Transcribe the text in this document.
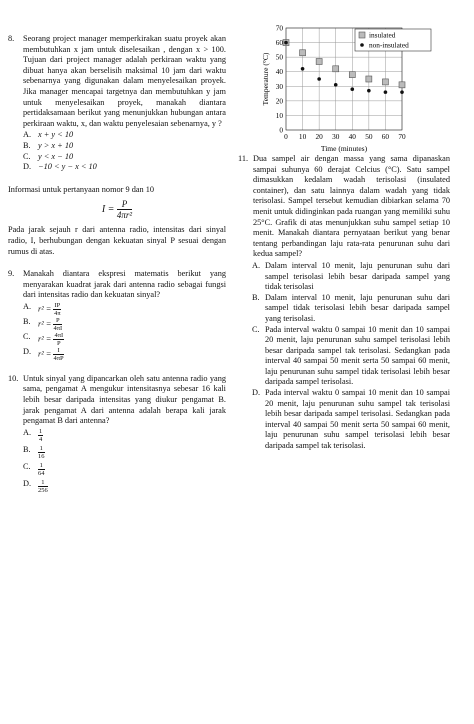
8. Seorang project manager memperkirakan suatu proyek akan membutuhkan x jam untuk diselesaikan , dengan x > 100. Tujuan dari project manager adalah perkiraan waktu yang dibuat hanya akan berselisih maksimal 10 jam dari waktu sebenarnya yang digunakan dalam menyelesaikan proyek. Jika manager mencapai targetnya dan membutuhkan y jam untuk menyelesaikan proyek, manakah diantara pertidaksamaan berikut yang menunjukkan hubungan antara perkiraan waktu, x, dan waktu penyelesaian sebenarnya, y ?
A. x + y < 10
B. y > x + 10
C. y < x − 10
D. −10 < y − x < 10
Informasi untuk pertanyaan nomor 9 dan 10
$I = \frac{P}{\text{4πr²}}$
Pada jarak sejauh r dari antenna radio, intensitas dari sinyal radio, I, berhubungan dengan kekuatan sinyal P sesuai dengan rumus di atas.
9. Manakah diantara ekspresi matematis berikut yang menyarakan kuadrat jarak dari antenna radio sebagai fungsi dari intensitas radio dan kekuatan sinyal?
A. $r^2 = \frac{IP}{4\pi}$
B. $r^2 = \frac{P}{4\pi I}$
C. $r^2 = \frac{4\pi I}{P}$
D. $r^2 = \frac{I}{4\pi P}$
10. Untuk sinyal yang dipancarkan oleh satu antenna radio yang sama, pengamat A mengukur intensitasnya sebesar 16 kali lebih besar daripada intensitas yang diukur pengamat B. jarak pengamat A dari antenna adalah berapa kali jarak pengamat B dari antenna?
A. $\frac{1}{4}$
B. $\frac{1}{16}$
C. $\frac{1}{64}$
D. $\frac{1}{256}$
0
10
20
30
40
50
60
70
0 10 20 30 40 50 60 70
Temperature (°C)
Time (minutes)
insulated
non-insulated
11. Dua sampel air dengan massa yang sama dipanaskan sampai suhunya 60 derajat Celcius (°C). Satu sampel dimasukkan kedalam wadah terisolasi (insulated container), dan satu lainnya dalam wadah yang tidak terisolasi. Sampel tersebut kemudian dibiarkan selama 70 menit untuk didinginkan pada ruangan yang memiliki suhu 25°C. Grafik di atas menunjukkan suhu sampel setiap 10 menit. Manakah diantara pernyataan berikut yang benar tentang perbandingan laju rata-rata penurunan suhu dari kedua sampel?
A. Dalam interval 10 menit, laju penurunan suhu dari sampel terisolasi lebih besar daripada sampel yang tidak terisolasi
B. Dalam interval 10 menit, laju penurunan suhu dari sampel tidak terisolasi lebih besar daripada sampel yang terisolasi.
C. Pada interval waktu 0 sampai 10 menit dan 10 sampai 20 menit, laju penurunan suhu sampel terisolasi lebih besar daripada sampel tak terisolasi. Sedangkan pada interval 40 sampai 50 menit serta 50 sampai 60 menit, laju penurunan suhu sampel tidak terisolasi lebih besar daripada sampel terisolasi.
D. Pada interval waktu 0 sampai 10 menit dan 10 sampai 20 menit, laju penurunan suhu sampel tak terisolasi lebih besar daripada sampel terisolasi. Sedangkan pada interval 40 sampai 50 menit serta 50 sampai 60 menit, laju penurunan suhu sampel terisolasi lebih besar daripada sampel tak terisolasi.
